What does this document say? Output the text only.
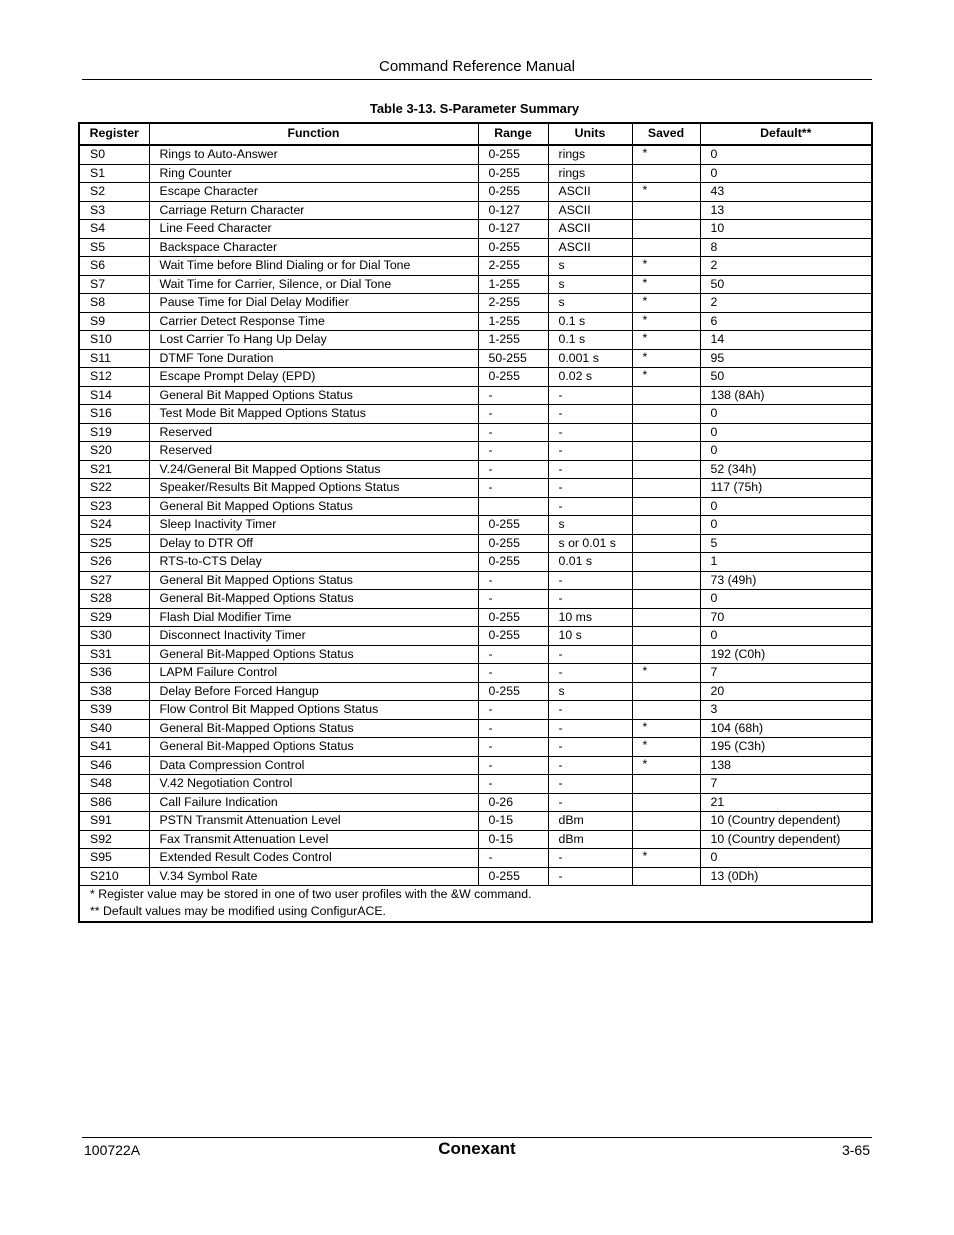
Command Reference Manual
Table 3-13. S-Parameter Summary
Register	Function	Range	Units	Saved	Default**
S0	Rings to Auto-Answer	0-255	rings	*	0
S1	Ring Counter	0-255	rings		0
S2	Escape Character	0-255	ASCII	*	43
S3	Carriage Return Character	0-127	ASCII		13
S4	Line Feed Character	0-127	ASCII		10
S5	Backspace Character	0-255	ASCII		8
S6	Wait Time before Blind Dialing or for Dial Tone	2-255	s	*	2
S7	Wait Time for Carrier, Silence, or Dial Tone	1-255	s	*	50
S8	Pause Time for Dial Delay Modifier	2-255	s	*	2
S9	Carrier Detect Response Time	1-255	0.1 s	*	6
S10	Lost Carrier To Hang Up Delay	1-255	0.1 s	*	14
S11	DTMF Tone Duration	50-255	0.001 s	*	95
S12	Escape Prompt Delay (EPD)	0-255	0.02 s	*	50
S14	General Bit Mapped Options Status	-	-		138 (8Ah)
S16	Test Mode Bit Mapped Options Status	-	-		0
S19	Reserved	-	-		0
S20	Reserved	-	-		0
S21	V.24/General Bit Mapped Options Status	-	-		52 (34h)
S22	Speaker/Results Bit Mapped Options Status	-	-		117 (75h)
S23	General Bit Mapped Options Status		-		0
S24	Sleep Inactivity Timer	0-255	s		0
S25	Delay to DTR Off	0-255	s or 0.01 s		5
S26	RTS-to-CTS Delay	0-255	0.01 s		1
S27	General Bit Mapped Options Status	-	-		73 (49h)
S28	General Bit-Mapped Options Status	-	-		0
S29	Flash Dial Modifier Time	0-255	10 ms		70
S30	Disconnect Inactivity Timer	0-255	10 s		0
S31	General Bit-Mapped Options Status	-	-		192 (C0h)
S36	LAPM Failure Control	-	-	*	7
S38	Delay Before Forced Hangup	0-255	s		20
S39	Flow Control Bit Mapped Options Status	-	-		3
S40	General Bit-Mapped Options Status	-	-	*	104 (68h)
S41	General Bit-Mapped Options Status	-	-	*	195 (C3h)
S46	Data Compression Control	-	-	*	138
S48	V.42 Negotiation Control	-	-		7
S86	Call Failure Indication	0-26	-		21
S91	PSTN Transmit Attenuation Level	0-15	dBm		10 (Country dependent)
S92	Fax Transmit Attenuation Level	0-15	dBm		10 (Country dependent)
S95	Extended Result Codes Control	-	-	*	0
S210	V.34 Symbol Rate	0-255	-		13 (0Dh)

* Register value may be stored in one of two user profiles with the &W command.
** Default values may be modified using ConfigurACE.					
100722A	Conexant	3-65
